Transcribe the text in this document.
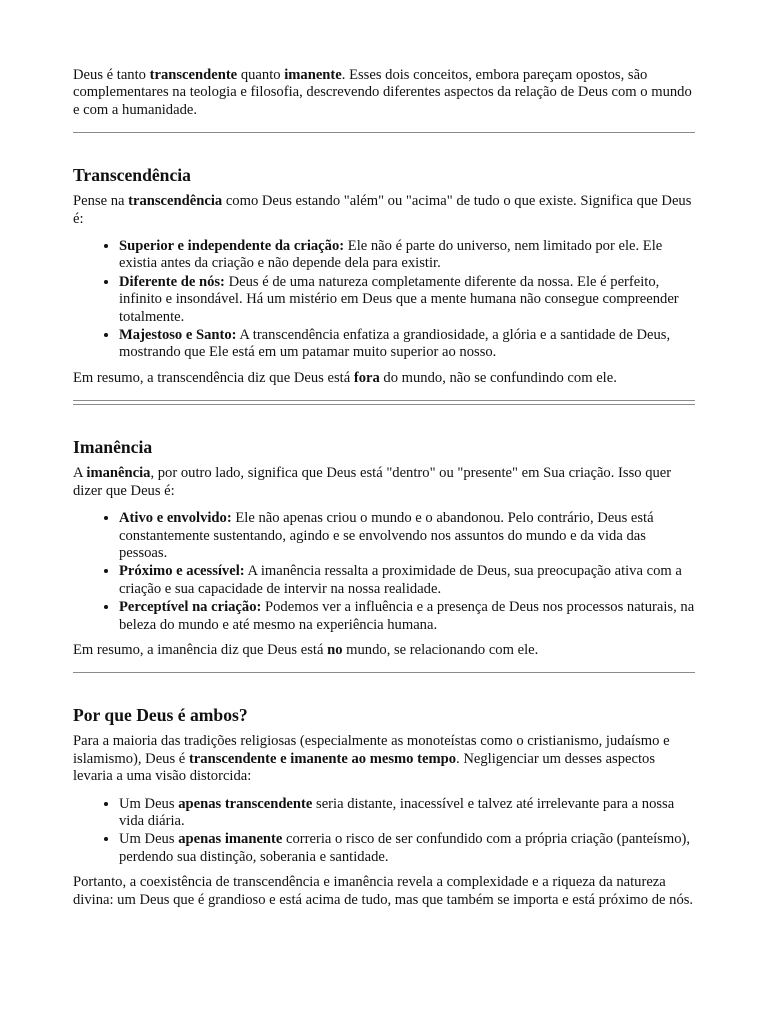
Deus é tanto transcendente quanto imanente. Esses dois conceitos, embora pareçam opostos, são complementares na teologia e filosofia, descrevendo diferentes aspectos da relação de Deus com o mundo e com a humanidade.

Transcendência

Pense na transcendência como Deus estando "além" ou "acima" de tudo o que existe. Significa que Deus é:

• Superior e independente da criação: Ele não é parte do universo, nem limitado por ele. Ele existia antes da criação e não depende dela para existir.
• Diferente de nós: Deus é de uma natureza completamente diferente da nossa. Ele é perfeito, infinito e insondável. Há um mistério em Deus que a mente humana não consegue compreender totalmente.
• Majestoso e Santo: A transcendência enfatiza a grandiosidade, a glória e a santidade de Deus, mostrando que Ele está em um patamar muito superior ao nosso.

Em resumo, a transcendência diz que Deus está fora do mundo, não se confundindo com ele.

Imanência

A imanência, por outro lado, significa que Deus está "dentro" ou "presente" em Sua criação. Isso quer dizer que Deus é:

• Ativo e envolvido: Ele não apenas criou o mundo e o abandonou. Pelo contrário, Deus está constantemente sustentando, agindo e se envolvendo nos assuntos do mundo e da vida das pessoas.
• Próximo e acessível: A imanência ressalta a proximidade de Deus, sua preocupação ativa com a criação e sua capacidade de intervir na nossa realidade.
• Perceptível na criação: Podemos ver a influência e a presença de Deus nos processos naturais, na beleza do mundo e até mesmo na experiência humana.

Em resumo, a imanência diz que Deus está no mundo, se relacionando com ele.

Por que Deus é ambos?

Para a maioria das tradições religiosas (especialmente as monoteístas como o cristianismo, judaísmo e islamismo), Deus é transcendente e imanente ao mesmo tempo. Negligenciar um desses aspectos levaria a uma visão distorcida:

• Um Deus apenas transcendente seria distante, inacessível e talvez até irrelevante para a nossa vida diária.
• Um Deus apenas imanente correria o risco de ser confundido com a própria criação (panteísmo), perdendo sua distinção, soberania e santidade.

Portanto, a coexistência de transcendência e imanência revela a complexidade e a riqueza da natureza divina: um Deus que é grandioso e está acima de tudo, mas que também se importa e está próximo de nós.
